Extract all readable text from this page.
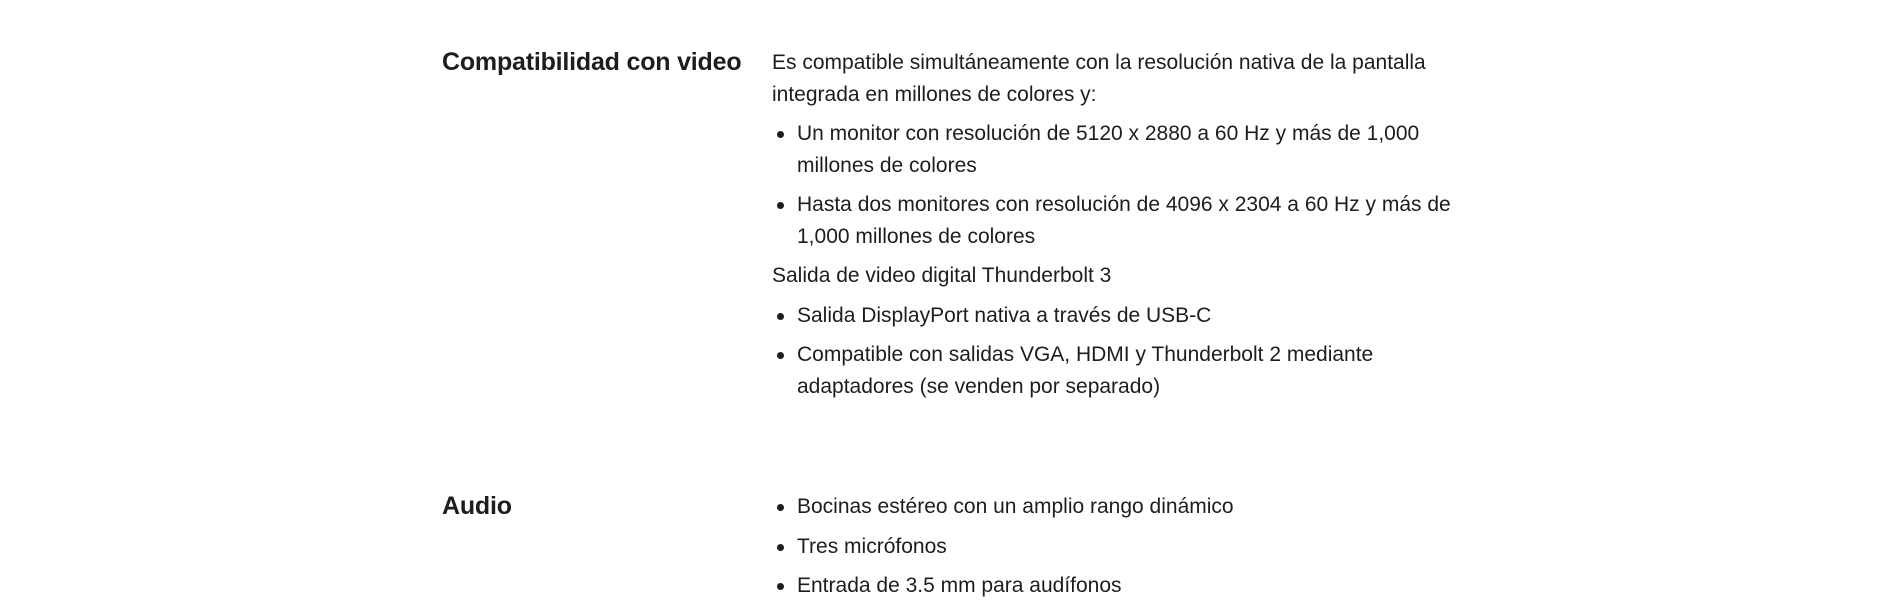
Compatibilidad con video Es compatible simultáneamente con la resolución nativa de la pantalla integrada en millones de colores y:

Un monitor con resolución de 5120 x 2880 a 60 Hz y más de 1,000 millones de colores
Hasta dos monitores con resolución de 4096 x 2304 a 60 Hz y más de 1,000 millones de colores

Salida de video digital Thunderbolt 3

Salida DisplayPort nativa a través de USB-C
Compatible con salidas VGA, HDMI y Thunderbolt 2 mediante adaptadores (se venden por separado)
Audio	Bocinas estéreo con un amplio rango dinámico
Tres micrófonos
Entrada de 3.5 mm para audífonos
